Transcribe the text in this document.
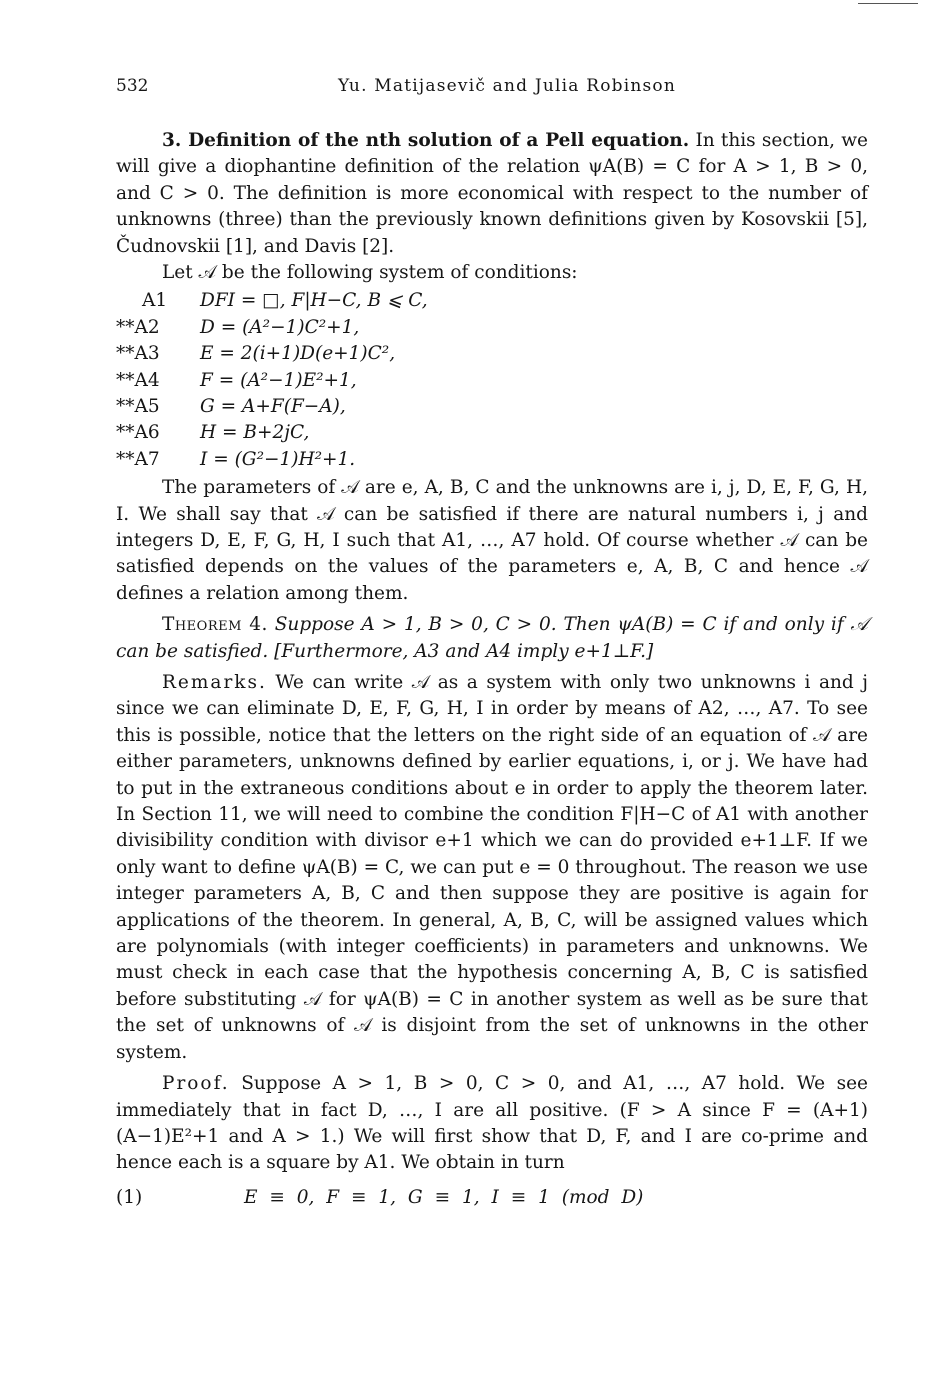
532	Yu. Matijasevič and Julia Robinson

3. Definition of the nth solution of a Pell equation. In this section, we will give a diophantine definition of the relation ψA(B) = C for A > 1, B > 0, and C > 0. The definition is more economical with respect to the number of unknowns (three) than the previously known definitions given by Kosovskii [5], Čudnovskii [1], and Davis [2].

Let 𝒜 be the following system of conditions:

A1	DFI = □, F|H−C, B ⩽ C,
**A2	D = (A²−1)C²+1,
**A3	E = 2(i+1)D(e+1)C²,
**A4	F = (A²−1)E²+1,
**A5	G = A+F(F−A),
**A6	H = B+2jC,
**A7	I = (G²−1)H²+1.

The parameters of 𝒜 are e, A, B, C and the unknowns are i, j, D, E, F, G, H, I. We shall say that 𝒜 can be satisfied if there are natural numbers i, j and integers D, E, F, G, H, I such that A1, …, A7 hold. Of course whether 𝒜 can be satisfied depends on the values of the parameters e, A, B, C and hence 𝒜 defines a relation among them.

Theorem 4. Suppose A > 1, B > 0, C > 0. Then ψA(B) = C if and only if 𝒜 can be satisfied. [Furthermore, A3 and A4 imply e+1⊥F.]

Remarks. We can write 𝒜 as a system with only two unknowns i and j since we can eliminate D, E, F, G, H, I in order by means of A2, …, A7. To see this is possible, notice that the letters on the right side of an equation of 𝒜 are either parameters, unknowns defined by earlier equations, i, or j. We have had to put in the extraneous conditions about e in order to apply the theorem later. In Section 11, we will need to combine the condition F|H−C of A1 with another divisibility condition with divisor e+1 which we can do provided e+1⊥F. If we only want to define ψA(B) = C, we can put e = 0 throughout. The reason we use integer parameters A, B, C and then suppose they are positive is again for applications of the theorem. In general, A, B, C, will be assigned values which are polynomials (with integer coefficients) in parameters and unknowns. We must check in each case that the hypothesis concerning A, B, C is satisfied before substituting 𝒜 for ψA(B) = C in another system as well as be sure that the set of unknowns of 𝒜 is disjoint from the set of unknowns in the other system.

Proof. Suppose A > 1, B > 0, C > 0, and A1, …, A7 hold. We see immediately that in fact D, …, I are all positive. (F > A since F = (A+1)(A−1)E²+1 and A > 1.) We will first show that D, F, and I are co-prime and hence each is a square by A1. We obtain in turn

(1)	E ≡ 0, F ≡ 1, G ≡ 1, I ≡ 1 (mod D)
